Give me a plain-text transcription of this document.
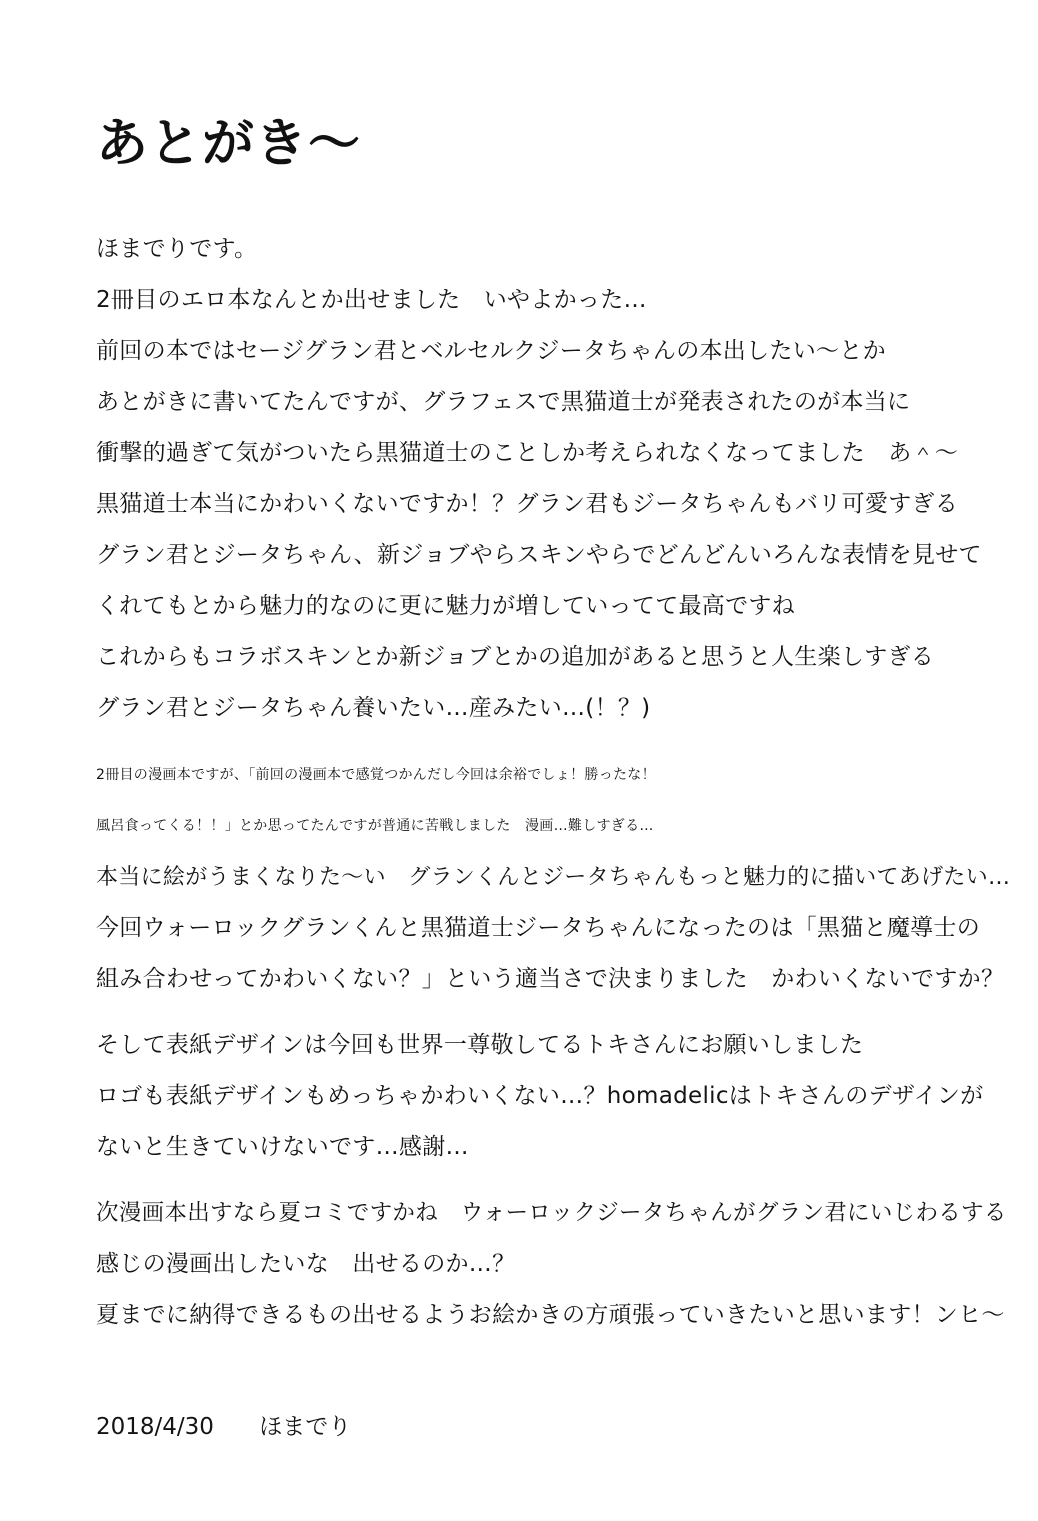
あとがき～
ほまでりです。
2冊目のエロ本なんとか出せました　いやよかった…
前回の本ではセージグラン君とベルセルクジータちゃんの本出したい～とか
あとがきに書いてたんですが、グラフェスで黒猫道士が発表されたのが本当に
衝撃的過ぎて気がついたら黒猫道士のことしか考えられなくなってました　あ＾～
黒猫道士本当にかわいくないですか！？グラン君もジータちゃんもバリ可愛すぎる
グラン君とジータちゃん、新ジョブやらスキンやらでどんどんいろんな表情を見せて
くれてもとから魅力的なのに更に魅力が増していってて最高ですね
これからもコラボスキンとか新ジョブとかの追加があると思うと人生楽しすぎる
グラン君とジータちゃん養いたい…産みたい…(！？)
2冊目の漫画本ですが、「前回の漫画本で感覚つかんだし今回は余裕でしょ！勝ったな！
風呂食ってくる！！」とか思ってたんですが普通に苦戦しました　漫画…難しすぎる…
本当に絵がうまくなりた～い　グランくんとジータちゃんもっと魅力的に描いてあげたい…
今回ウォーロックグランくんと黒猫道士ジータちゃんになったのは「黒猫と魔導士の
組み合わせってかわいくない？」という適当さで決まりました　かわいくないですか？
そして表紙デザインは今回も世界一尊敬してるトキさんにお願いしました
ロゴも表紙デザインもめっちゃかわいくない…？homadelicはトキさんのデザインが
ないと生きていけないです…感謝…
次漫画本出すなら夏コミですかね　ウォーロックジータちゃんがグラン君にいじわるする
感じの漫画出したいな　出せるのか…？
夏までに納得できるもの出せるようお絵かきの方頑張っていきたいと思います！ンヒ～
2018/4/30 ほまでり
